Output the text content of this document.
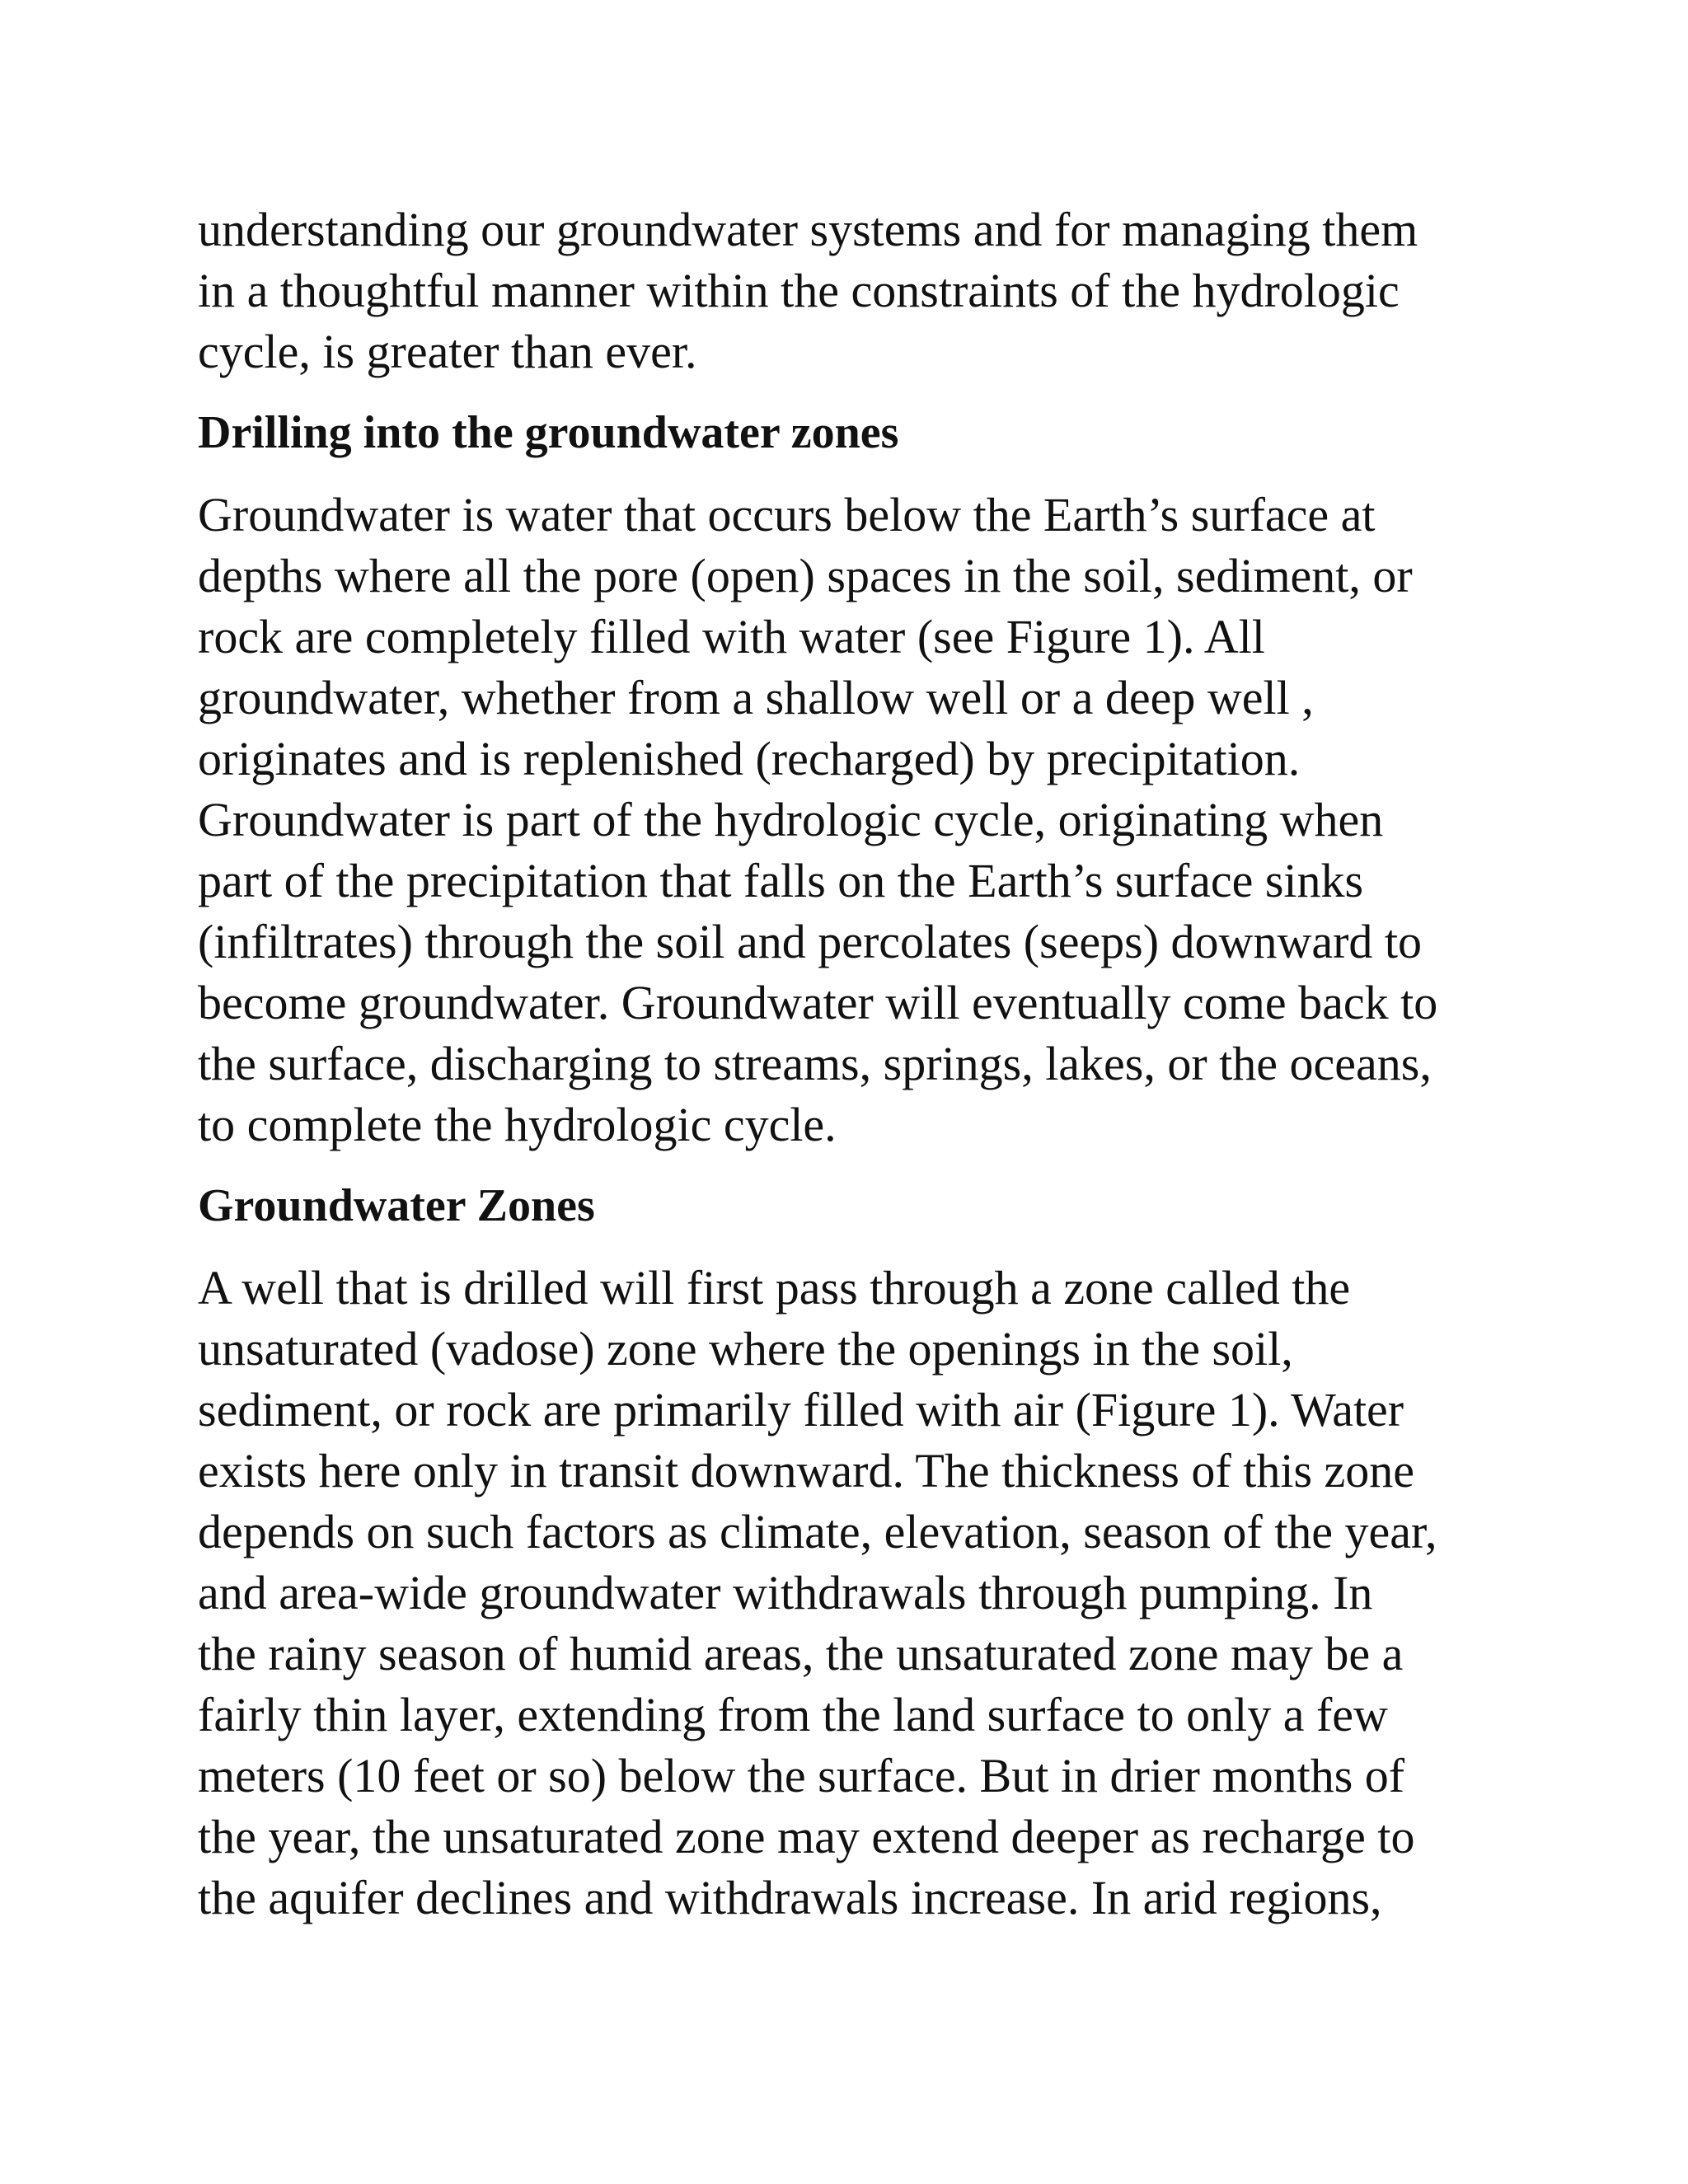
understanding our groundwater systems and for managing them
in a thoughtful manner within the constraints of the hydrologic
cycle, is greater than ever.

Drilling into the groundwater zones

Groundwater is water that occurs below the Earth’s surface at
depths where all the pore (open) spaces in the soil, sediment, or
rock are completely filled with water (see Figure 1). All
groundwater, whether from a shallow well or a deep well ,
originates and is replenished (recharged) by precipitation.
Groundwater is part of the hydrologic cycle, originating when
part of the precipitation that falls on the Earth’s surface sinks
(infiltrates) through the soil and percolates (seeps) downward to
become groundwater. Groundwater will eventually come back to
the surface, discharging to streams, springs, lakes, or the oceans,
to complete the hydrologic cycle.

Groundwater Zones

A well that is drilled will first pass through a zone called the
unsaturated (vadose) zone where the openings in the soil,
sediment, or rock are primarily filled with air (Figure 1). Water
exists here only in transit downward. The thickness of this zone
depends on such factors as climate, elevation, season of the year,
and area-wide groundwater withdrawals through pumping. In
the rainy season of humid areas, the unsaturated zone may be a
fairly thin layer, extending from the land surface to only a few
meters (10 feet or so) below the surface. But in drier months of
the year, the unsaturated zone may extend deeper as recharge to
the aquifer declines and withdrawals increase. In arid regions,
